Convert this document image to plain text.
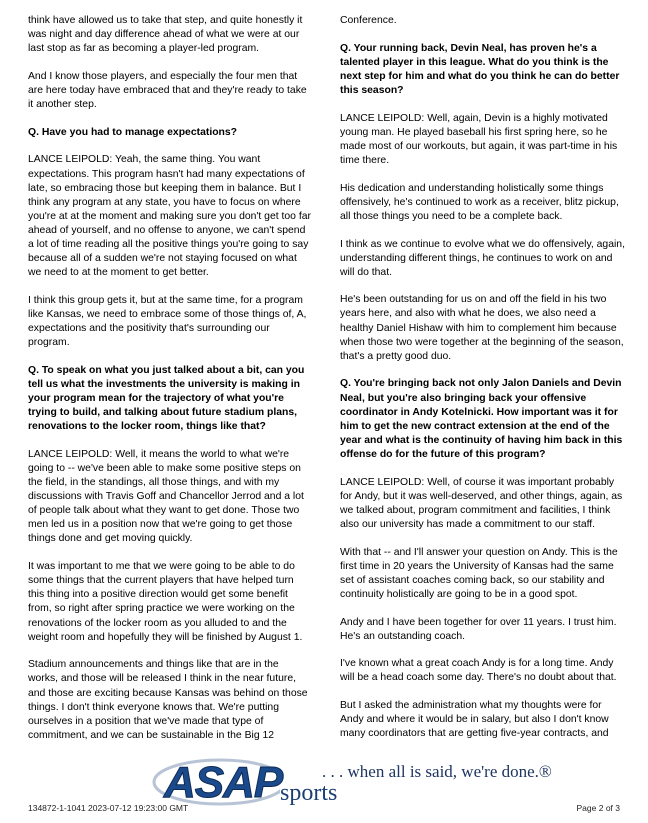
think have allowed us to take that step, and quite honestly it was night and day difference ahead of what we were at our last stop as far as becoming a player-led program.

And I know those players, and especially the four men that are here today have embraced that and they're ready to take it another step.

Q. Have you had to manage expectations?

LANCE LEIPOLD: Yeah, the same thing. You want expectations. This program hasn't had many expectations of late, so embracing those but keeping them in balance. But I think any program at any state, you have to focus on where you're at at the moment and making sure you don't get too far ahead of yourself, and no offense to anyone, we can't spend a lot of time reading all the positive things you're going to say because all of a sudden we're not staying focused on what we need to at the moment to get better.

I think this group gets it, but at the same time, for a program like Kansas, we need to embrace some of those things of, A, expectations and the positivity that's surrounding our program.

Q. To speak on what you just talked about a bit, can you tell us what the investments the university is making in your program mean for the trajectory of what you're trying to build, and talking about future stadium plans, renovations to the locker room, things like that?

LANCE LEIPOLD: Well, it means the world to what we're going to -- we've been able to make some positive steps on the field, in the standings, all those things, and with my discussions with Travis Goff and Chancellor Jerrod and a lot of people talk about what they want to get done. Those two men led us in a position now that we're going to get those things done and get moving quickly.

It was important to me that we were going to be able to do some things that the current players that have helped turn this thing into a positive direction would get some benefit from, so right after spring practice we were working on the renovations of the locker room as you alluded to and the weight room and hopefully they will be finished by August 1.

Stadium announcements and things like that are in the works, and those will be released I think in the near future, and those are exciting because Kansas was behind on those things. I don't think everyone knows that. We're putting ourselves in a position that we've made that type of commitment, and we can be sustainable in the Big 12

Conference.

Q. Your running back, Devin Neal, has proven he's a talented player in this league. What do you think is the next step for him and what do you think he can do better this season?

LANCE LEIPOLD: Well, again, Devin is a highly motivated young man. He played baseball his first spring here, so he made most of our workouts, but again, it was part-time in his time there.

His dedication and understanding holistically some things offensively, he's continued to work as a receiver, blitz pickup, all those things you need to be a complete back.

I think as we continue to evolve what we do offensively, again, understanding different things, he continues to work on and will do that.

He's been outstanding for us on and off the field in his two years here, and also with what he does, we also need a healthy Daniel Hishaw with him to complement him because when those two were together at the beginning of the season, that's a pretty good duo.

Q. You're bringing back not only Jalon Daniels and Devin Neal, but you're also bringing back your offensive coordinator in Andy Kotelnicki. How important was it for him to get the new contract extension at the end of the year and what is the continuity of having him back in this offense do for the future of this program?

LANCE LEIPOLD: Well, of course it was important probably for Andy, but it was well-deserved, and other things, again, as we talked about, program commitment and facilities, I think also our university has made a commitment to our staff.

With that -- and I'll answer your question on Andy. This is the first time in 20 years the University of Kansas had the same set of assistant coaches coming back, so our stability and continuity holistically are going to be in a good spot.

Andy and I have been together for over 11 years. I trust him. He's an outstanding coach.

I've known what a great coach Andy is for a long time. Andy will be a head coach some day. There's no doubt about that.

But I asked the administration what my thoughts were for Andy and where it would be in salary, but also I don't know many coordinators that are getting five-year contracts, and

ASAP
sports
. . . when all is said, we're done.®
134872-1-1041 2023-07-12 19:23:00 GMT	Page 2 of 3
